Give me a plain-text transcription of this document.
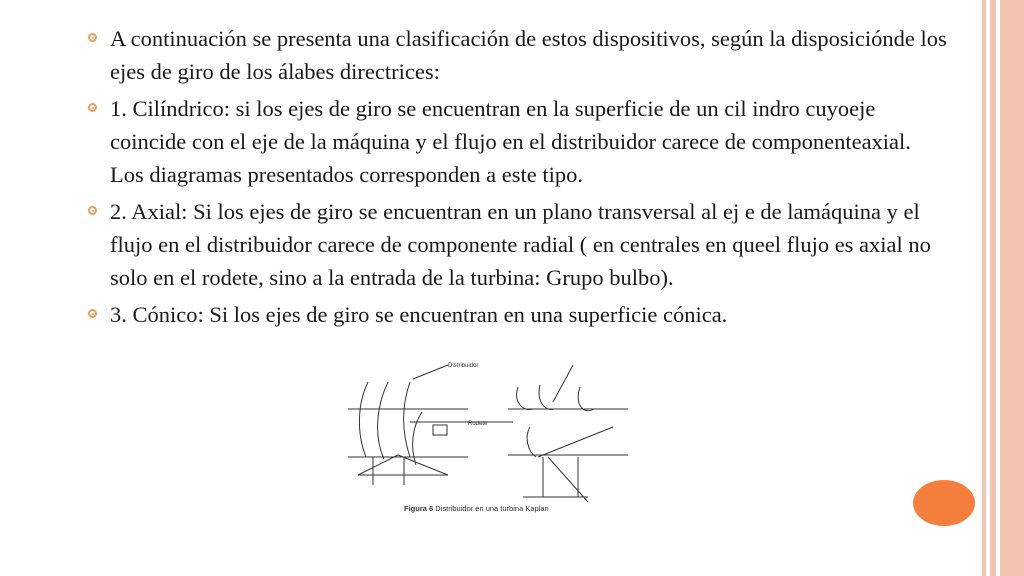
A continuación se presenta una clasificación de estos dispositivos, según la disposiciónde los ejes de giro de los álabes directrices:
1. Cilíndrico: si los ejes de giro se encuentran en la superficie de un cil indro cuyoeje coincide con el eje de la máquina y el flujo en el distribuidor carece de componenteaxial. Los diagramas presentados corresponden a este tipo.
2. Axial: Si los ejes de giro se encuentran en un plano transversal al ej e de lamáquina y el flujo en el distribuidor carece de componente radial ( en centrales en queel flujo es axial no solo en el rodete, sino a la entrada de la turbina: Grupo bulbo).
3. Cónico: Si los ejes de giro se encuentran en una superficie cónica.
Distribuidor
Rodete
Figura 6 Distribuidor en una turbina Kaplan
